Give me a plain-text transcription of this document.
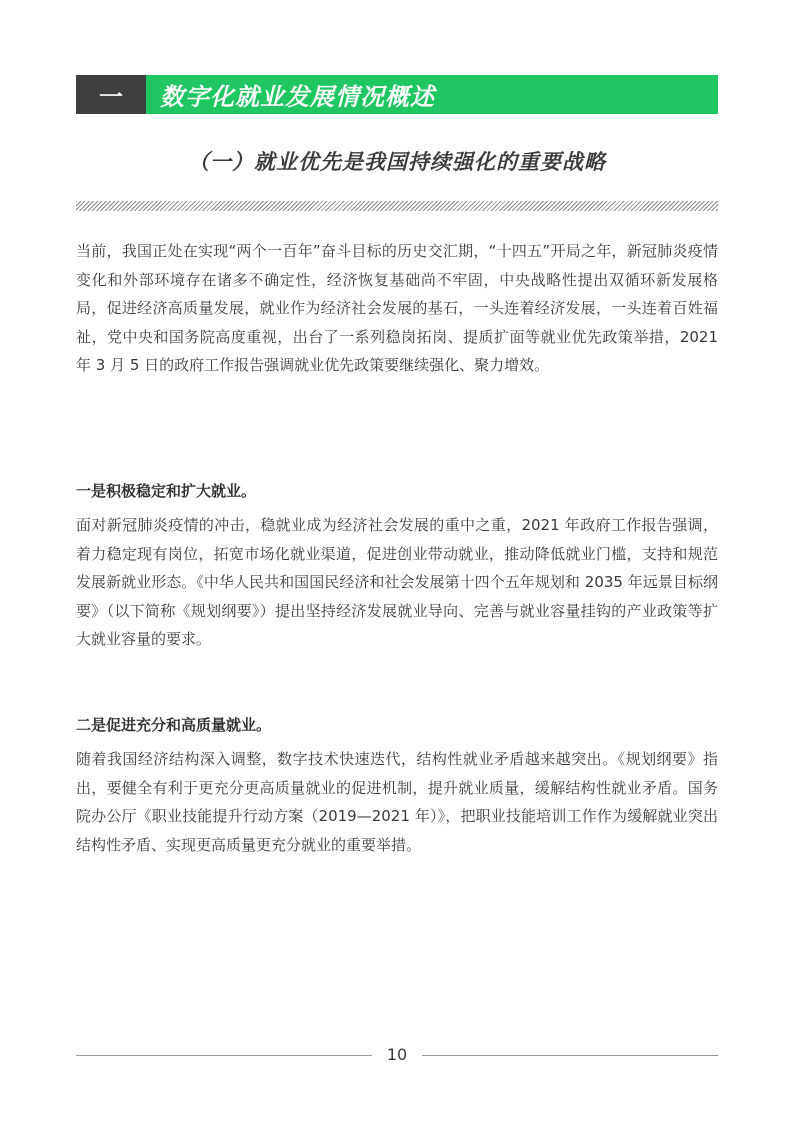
一	数字化就业发展情况概述
（一）就业优先是我国持续强化的重要战略

当前，我国正处在实现“两个一百年”奋斗目标的历史交汇期，“十四五”开局之年，新冠肺炎疫情变化和外部环境存在诸多不确定性，经济恢复基础尚不牢固，中央战略性提出双循环新发展格局，促进经济高质量发展，就业作为经济社会发展的基石，一头连着经济发展，一头连着百姓福祉，党中央和国务院高度重视，出台了一系列稳岗拓岗、提质扩面等就业优先政策举措，2021 年 3 月 5 日的政府工作报告强调就业优先政策要继续强化、聚力增效。

一是积极稳定和扩大就业。

面对新冠肺炎疫情的冲击，稳就业成为经济社会发展的重中之重，2021 年政府工作报告强调，着力稳定现有岗位，拓宽市场化就业渠道，促进创业带动就业，推动降低就业门槛，支持和规范发展新就业形态。《中华人民共和国国民经济和社会发展第十四个五年规划和 2035 年远景目标纲要》（以下简称《规划纲要》）提出坚持经济发展就业导向、完善与就业容量挂钩的产业政策等扩大就业容量的要求。

二是促进充分和高质量就业。

随着我国经济结构深入调整，数字技术快速迭代，结构性就业矛盾越来越突出。《规划纲要》指出，要健全有利于更充分更高质量就业的促进机制，提升就业质量，缓解结构性就业矛盾。国务院办公厅《职业技能提升行动方案（2019—2021 年）》，把职业技能培训工作作为缓解就业突出结构性矛盾、实现更高质量更充分就业的重要举措。

10
